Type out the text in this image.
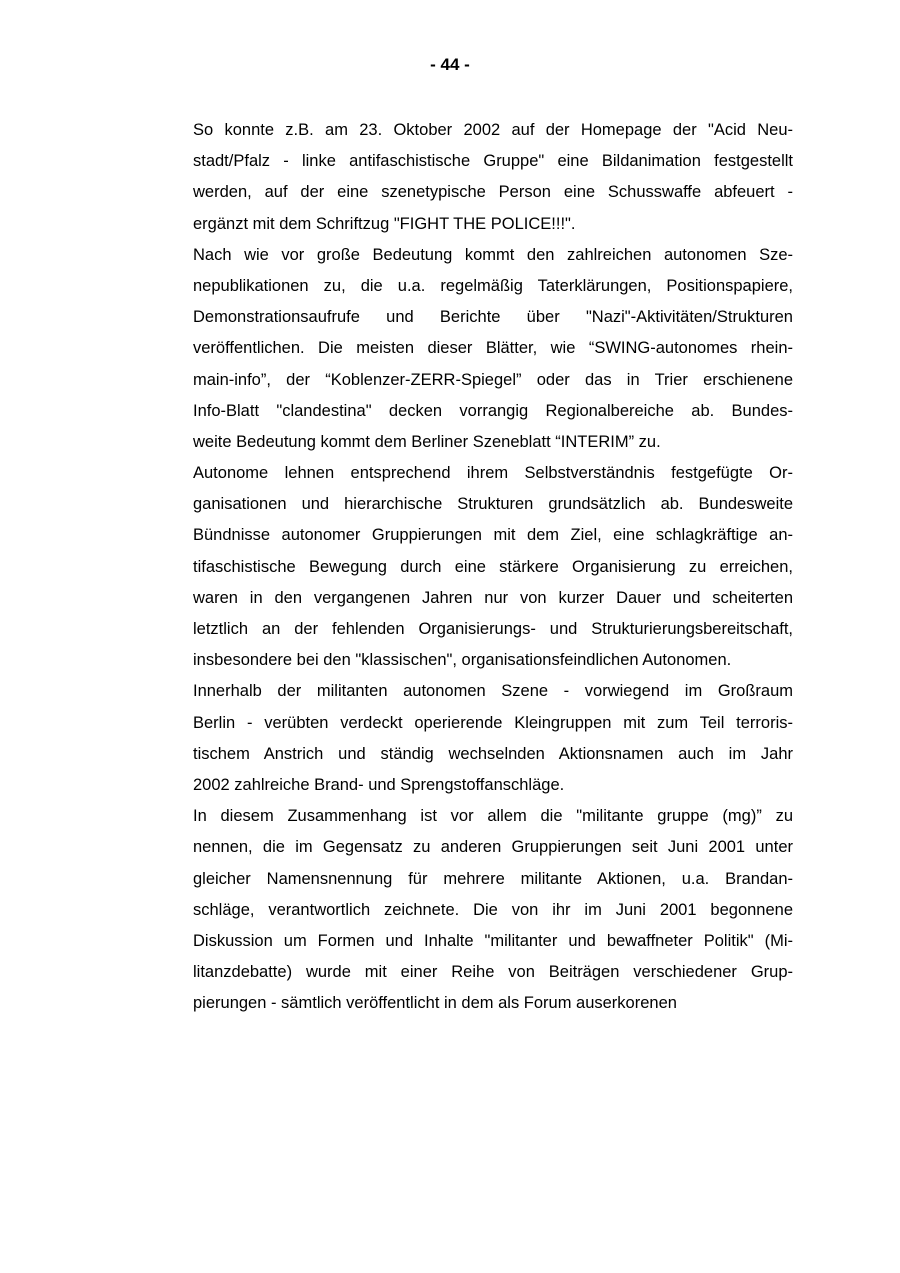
- 44 -
So konnte z.B. am 23. Oktober 2002 auf der Homepage der "Acid Neu-
stadt/Pfalz - linke antifaschistische Gruppe" eine Bildanimation festgestellt
werden, auf der eine szenetypische Person eine Schusswaffe abfeuert -
ergänzt mit dem Schriftzug "FIGHT THE POLICE!!!".
Nach wie vor große Bedeutung kommt den zahlreichen autonomen Sze-
nepublikationen zu, die u.a. regelmäßig Taterklärungen, Positionspapiere,
Demonstrationsaufrufe und Berichte über "Nazi"-Aktivitäten/Strukturen
veröffentlichen. Die meisten dieser Blätter, wie “SWING-autonomes rhein-
main-info”, der “Koblenzer-ZERR-Spiegel” oder das in Trier erschienene
Info-Blatt "clandestina" decken vorrangig Regionalbereiche ab. Bundes-
weite Bedeutung kommt dem Berliner Szeneblatt “INTERIM” zu.
Autonome lehnen entsprechend ihrem Selbstverständnis festgefügte Or-
ganisationen und hierarchische Strukturen grundsätzlich ab. Bundesweite
Bündnisse autonomer Gruppierungen mit dem Ziel, eine schlagkräftige an-
tifaschistische Bewegung durch eine stärkere Organisierung zu erreichen,
waren in den vergangenen Jahren nur von kurzer Dauer und scheiterten
letztlich an der fehlenden Organisierungs- und Strukturierungsbereitschaft,
insbesondere bei den "klassischen", organisationsfeindlichen Autonomen.
Innerhalb der militanten autonomen Szene - vorwiegend im Großraum
Berlin - verübten verdeckt operierende Kleingruppen mit zum Teil terroris-
tischem Anstrich und ständig wechselnden Aktionsnamen auch im Jahr
2002 zahlreiche Brand- und Sprengstoffanschläge.
In diesem Zusammenhang ist vor allem die "militante gruppe (mg)” zu
nennen, die im Gegensatz zu anderen Gruppierungen seit Juni 2001 unter
gleicher Namensnennung für mehrere militante Aktionen, u.a. Brandan-
schläge, verantwortlich zeichnete. Die von ihr im Juni 2001 begonnene
Diskussion um Formen und Inhalte "militanter und bewaffneter Politik" (Mi-
litanzdebatte) wurde mit einer Reihe von Beiträgen verschiedener Grup-
pierungen - sämtlich veröffentlicht in dem als Forum auserkorenen
